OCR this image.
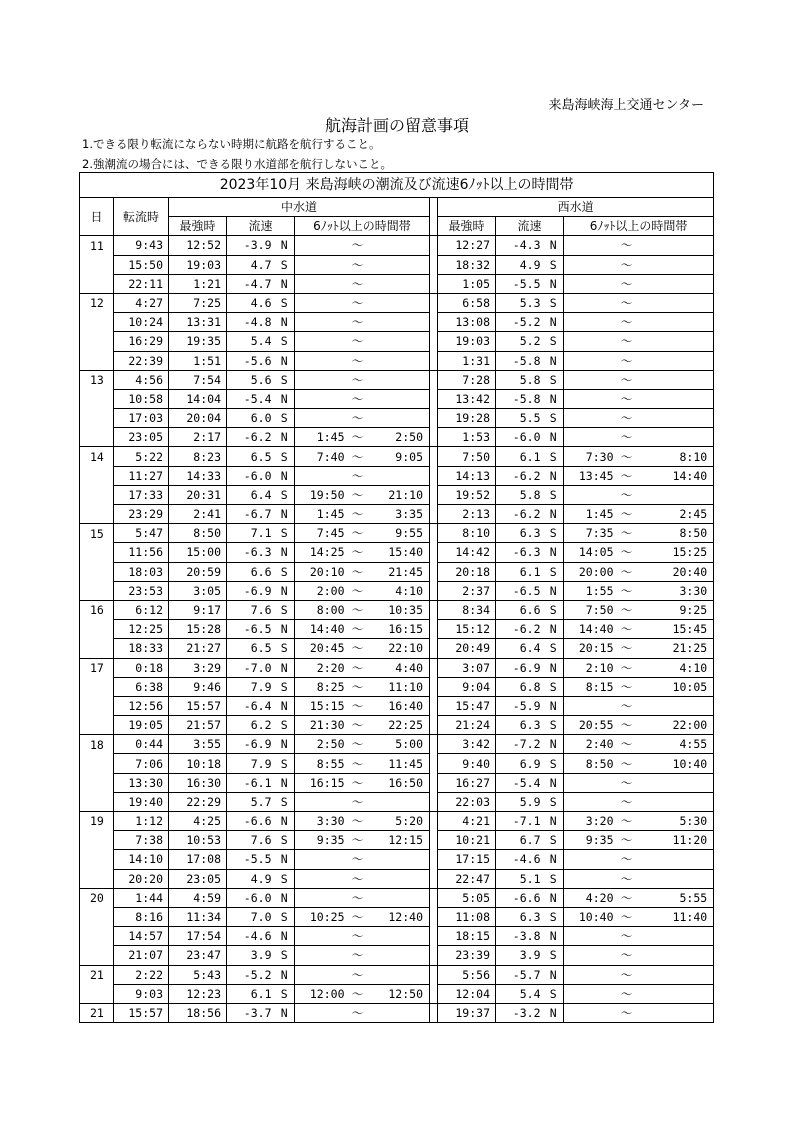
来島海峡海上交通センター
航海計画の留意事項
1.できる限り転流にならない時期に航路を航行すること。
2.強潮流の場合には、できる限り水道部を航行しないこと。
2023年10月 来島海峡の潮流及び流速6ﾉｯﾄ以上の時間帯														
日	転流時	中水道							西水道					
		最強時	流速		6ﾉｯﾄ以上の時間帯				最強時	流速		6ﾉｯﾄ以上の時間帯		
11	9:43	12:52	-3.9	N		～			12:27	-4.3	N		～	
	15:50	19:03	4.7	S		～			18:32	4.9	S		～	
	22:11	1:21	-4.7	N		～			1:05	-5.5	N		～	
12	4:27	7:25	4.6	S		～			6:58	5.3	S		～	
	10:24	13:31	-4.8	N		～			13:08	-5.2	N		～	
	16:29	19:35	5.4	S		～			19:03	5.2	S		～	
	22:39	1:51	-5.6	N		～			1:31	-5.8	N		～	
13	4:56	7:54	5.6	S		～			7:28	5.8	S		～	
	10:58	14:04	-5.4	N		～			13:42	-5.8	N		～	
	17:03	20:04	6.0	S		～			19:28	5.5	S		～	
	23:05	2:17	-6.2	N	1:45	～	2:50		1:53	-6.0	N		～	
14	5:22	8:23	6.5	S	7:40	～	9:05		7:50	6.1	S	7:30	～	8:10
	11:27	14:33	-6.0	N		～			14:13	-6.2	N	13:45	～	14:40
	17:33	20:31	6.4	S	19:50	～	21:10		19:52	5.8	S		～	
	23:29	2:41	-6.7	N	1:45	～	3:35		2:13	-6.2	N	1:45	～	2:45
15	5:47	8:50	7.1	S	7:45	～	9:55		8:10	6.3	S	7:35	～	8:50
	11:56	15:00	-6.3	N	14:25	～	15:40		14:42	-6.3	N	14:05	～	15:25
	18:03	20:59	6.6	S	20:10	～	21:45		20:18	6.1	S	20:00	～	20:40
	23:53	3:05	-6.9	N	2:00	～	4:10		2:37	-6.5	N	1:55	～	3:30
16	6:12	9:17	7.6	S	8:00	～	10:35		8:34	6.6	S	7:50	～	9:25
	12:25	15:28	-6.5	N	14:40	～	16:15		15:12	-6.2	N	14:40	～	15:45
	18:33	21:27	6.5	S	20:45	～	22:10		20:49	6.4	S	20:15	～	21:25
17	0:18	3:29	-7.0	N	2:20	～	4:40		3:07	-6.9	N	2:10	～	4:10
	6:38	9:46	7.9	S	8:25	～	11:10		9:04	6.8	S	8:15	～	10:05
	12:56	15:57	-6.4	N	15:15	～	16:40		15:47	-5.9	N		～	
	19:05	21:57	6.2	S	21:30	～	22:25		21:24	6.3	S	20:55	～	22:00
18	0:44	3:55	-6.9	N	2:50	～	5:00		3:42	-7.2	N	2:40	～	4:55
	7:06	10:18	7.9	S	8:55	～	11:45		9:40	6.9	S	8:50	～	10:40
	13:30	16:30	-6.1	N	16:15	～	16:50		16:27	-5.4	N		～	
	19:40	22:29	5.7	S		～			22:03	5.9	S		～	
19	1:12	4:25	-6.6	N	3:30	～	5:20		4:21	-7.1	N	3:20	～	5:30
	7:38	10:53	7.6	S	9:35	～	12:15		10:21	6.7	S	9:35	～	11:20
	14:10	17:08	-5.5	N		～			17:15	-4.6	N		～	
	20:20	23:05	4.9	S		～			22:47	5.1	S		～	
20	1:44	4:59	-6.0	N		～			5:05	-6.6	N	4:20	～	5:55
	8:16	11:34	7.0	S	10:25	～	12:40		11:08	6.3	S	10:40	～	11:40
	14:57	17:54	-4.6	N		～			18:15	-3.8	N		～	
	21:07	23:47	3.9	S		～			23:39	3.9	S		～	
21	2:22	5:43	-5.2	N		～			5:56	-5.7	N		～	
	9:03	12:23	6.1	S	12:00	～	12:50		12:04	5.4	S		～	
21	15:57	18:56	-3.7	N		～			19:37	-3.2	N		～	
